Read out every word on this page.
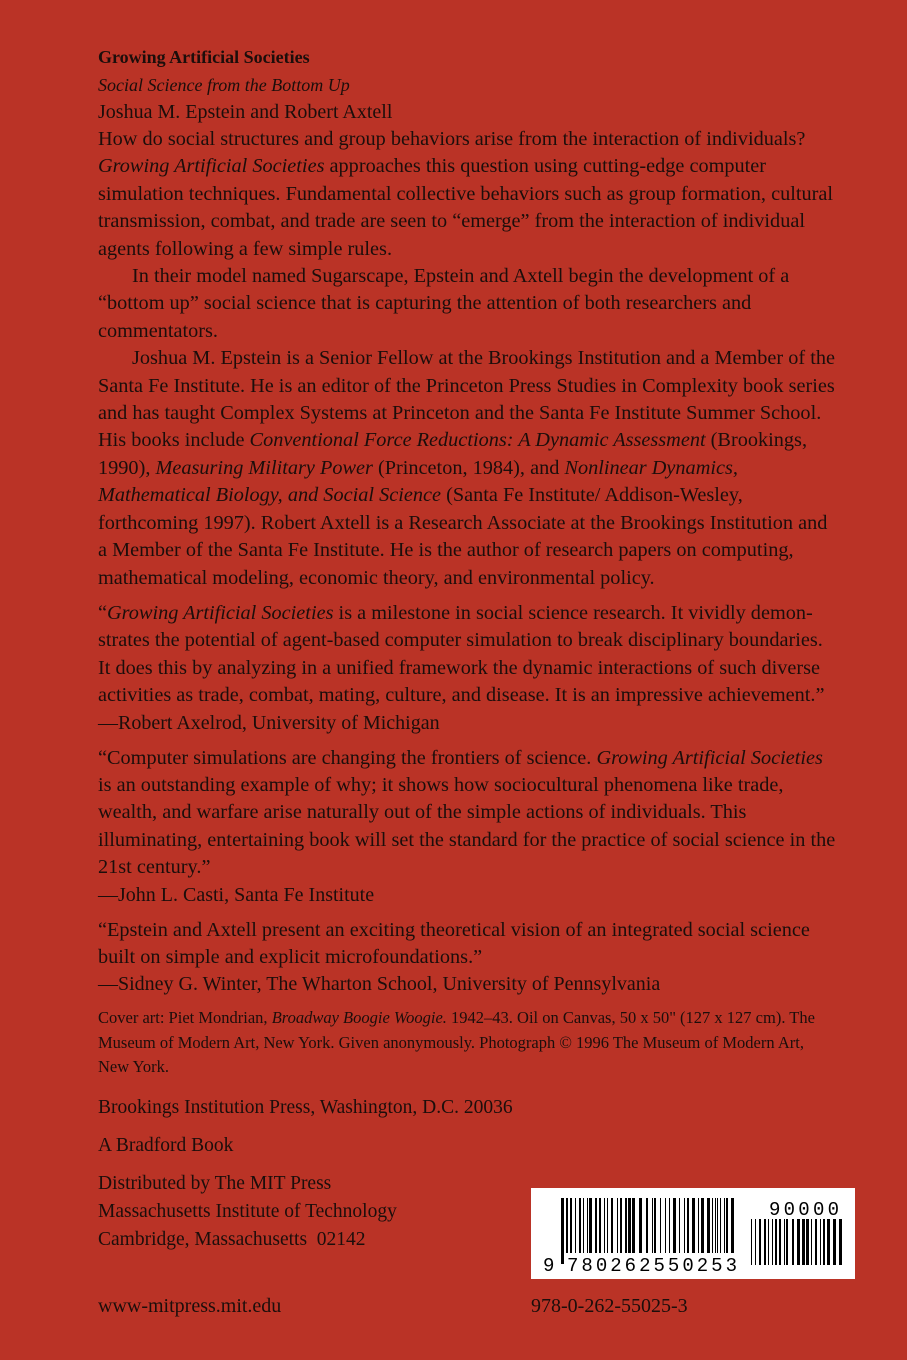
Growing Artificial Societies

Social Science from the Bottom Up

Joshua M. Epstein and Robert Axtell

How do social structures and group behaviors arise from the interaction of individuals? Growing Artificial Societies approaches this question using cutting-edge computer simulation techniques. Fundamental collective behaviors such as group formation, cultural transmission, combat, and trade are seen to “emerge” from the interaction of individual agents following a few simple rules.

In their model named Sugarscape, Epstein and Axtell begin the development of a “bottom up” social science that is capturing the attention of both researchers and commentators.

Joshua M. Epstein is a Senior Fellow at the Brookings Institution and a Member of the Santa Fe Institute. He is an editor of the Princeton Press Studies in Complexity book series and has taught Complex Systems at Princeton and the Santa Fe Institute Summer School. His books include Conventional Force Reductions: A Dynamic Assessment (Brookings, 1990), Measuring Military Power (Princeton, 1984), and Nonlinear Dynamics, Mathematical Biology, and Social Science (Santa Fe Institute/ Addison-Wesley, forthcoming 1997). Robert Axtell is a Research Associate at the Brookings Institution and a Member of the Santa Fe Institute. He is the author of research papers on computing, mathematical modeling, economic theory, and environmental policy.

“Growing Artificial Societies is a milestone in social science research. It vividly demonstrates the potential of agent-based computer simulation to break disciplinary boundaries. It does this by analyzing in a unified framework the dynamic interactions of such diverse activities as trade, combat, mating, culture, and disease. It is an impressive achievement.”

—Robert Axelrod, University of Michigan

“Computer simulations are changing the frontiers of science. Growing Artificial Societies is an outstanding example of why; it shows how sociocultural phenomena like trade, wealth, and warfare arise naturally out of the simple actions of individuals. This illuminating, entertaining book will set the standard for the practice of social science in the 21st century.”

—John L. Casti, Santa Fe Institute

“Epstein and Axtell present an exciting theoretical vision of an integrated social science built on simple and explicit microfoundations.”

—Sidney G. Winter, The Wharton School, University of Pennsylvania

Cover art: Piet Mondrian, Broadway Boogie Woogie. 1942–43. Oil on Canvas, 50 x 50" (127 x 127 cm). The Museum of Modern Art, New York. Given anonymously. Photograph © 1996 The Museum of Modern Art, New York.

Brookings Institution Press, Washington, D.C. 20036

A Bradford Book

Distributed by The MIT Press

Massachusetts Institute of Technology

Cambridge, Massachusetts  02142

www-mitpress.mit.edu
9 780262550253
90000
978-0-262-55025-3
